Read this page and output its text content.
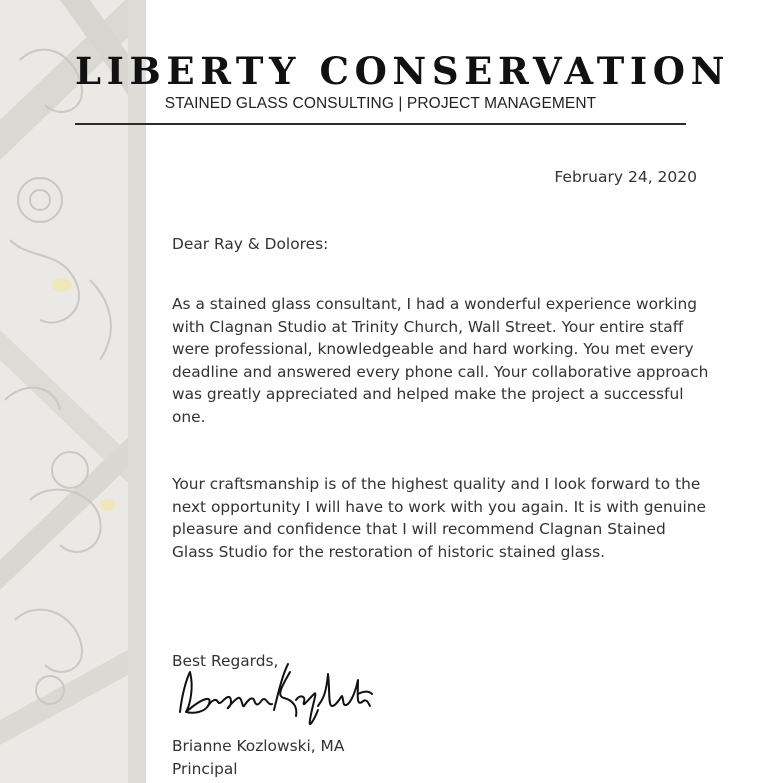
LIBERTY CONSERVATION
STAINED GLASS CONSULTING | PROJECT MANAGEMENT
February 24, 2020
Dear Ray & Dolores:
As a stained glass consultant, I had a wonderful experience working with Clagnan Studio at Trinity Church, Wall Street. Your entire staff were professional, knowledgeable and hard working. You met every deadline and answered every phone call. Your collaborative approach was greatly appreciated and helped make the project a successful one.
Your craftsmanship is of the highest quality and I look forward to the next opportunity I will have to work with you again. It is with genuine pleasure and confidence that I will recommend Clagnan Stained Glass Studio for the restoration of historic stained glass.
Best Regards,
Brianne Kozlowski, MA
Principal
